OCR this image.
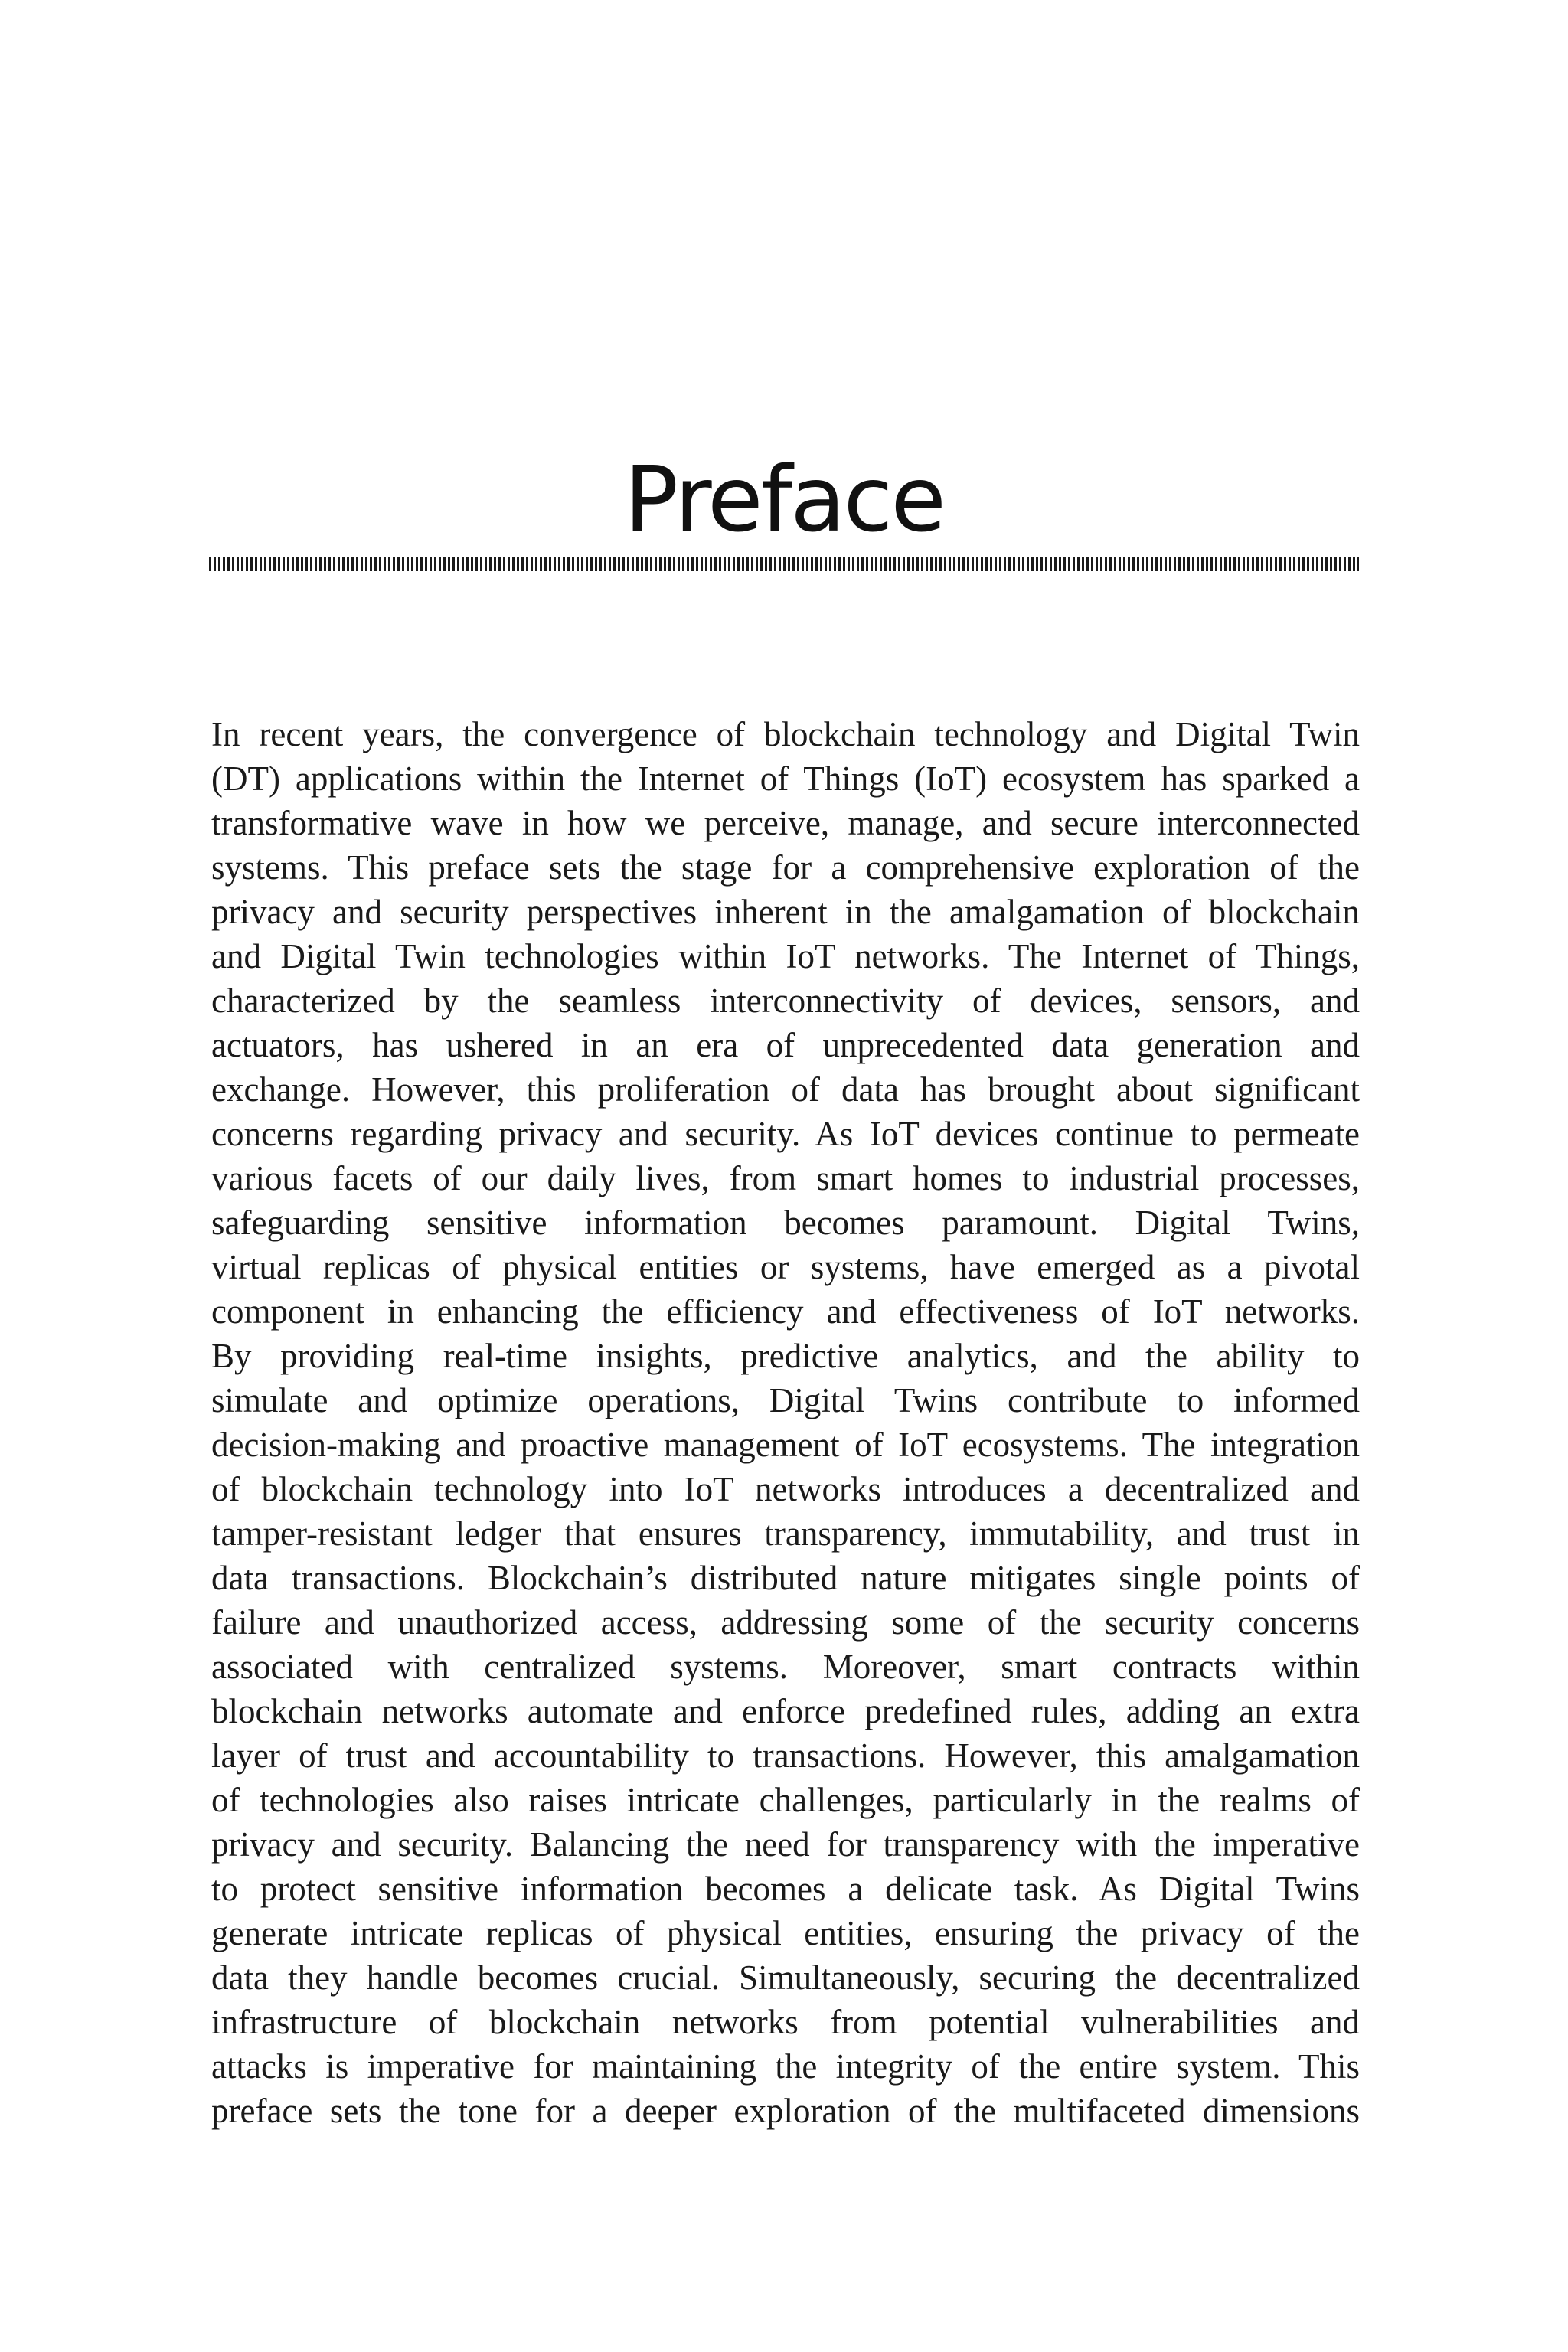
Preface

In recent years, the convergence of blockchain technology and Digital Twin
(DT) applications within the Internet of Things (IoT) ecosystem has sparked a
transformative wave in how we perceive, manage, and secure interconnected
systems. This preface sets the stage for a comprehensive exploration of the
privacy and security perspectives inherent in the amalgamation of blockchain
and Digital Twin technologies within IoT networks. The Internet of Things,
characterized by the seamless interconnectivity of devices, sensors, and
actuators, has ushered in an era of unprecedented data generation and
exchange. However, this proliferation of data has brought about significant
concerns regarding privacy and security. As IoT devices continue to permeate
various facets of our daily lives, from smart homes to industrial processes,
safeguarding sensitive information becomes paramount. Digital Twins,
virtual replicas of physical entities or systems, have emerged as a pivotal
component in enhancing the efficiency and effectiveness of IoT networks.
By providing real-time insights, predictive analytics, and the ability to
simulate and optimize operations, Digital Twins contribute to informed
decision-making and proactive management of IoT ecosystems. The integration
of blockchain technology into IoT networks introduces a decentralized and
tamper-resistant ledger that ensures transparency, immutability, and trust in
data transactions. Blockchain’s distributed nature mitigates single points of
failure and unauthorized access, addressing some of the security concerns
associated with centralized systems. Moreover, smart contracts within
blockchain networks automate and enforce predefined rules, adding an extra
layer of trust and accountability to transactions. However, this amalgamation
of technologies also raises intricate challenges, particularly in the realms of
privacy and security. Balancing the need for transparency with the imperative
to protect sensitive information becomes a delicate task. As Digital Twins
generate intricate replicas of physical entities, ensuring the privacy of the
data they handle becomes crucial. Simultaneously, securing the decentralized
infrastructure of blockchain networks from potential vulnerabilities and
attacks is imperative for maintaining the integrity of the entire system. This
preface sets the tone for a deeper exploration of the multifaceted dimensions
